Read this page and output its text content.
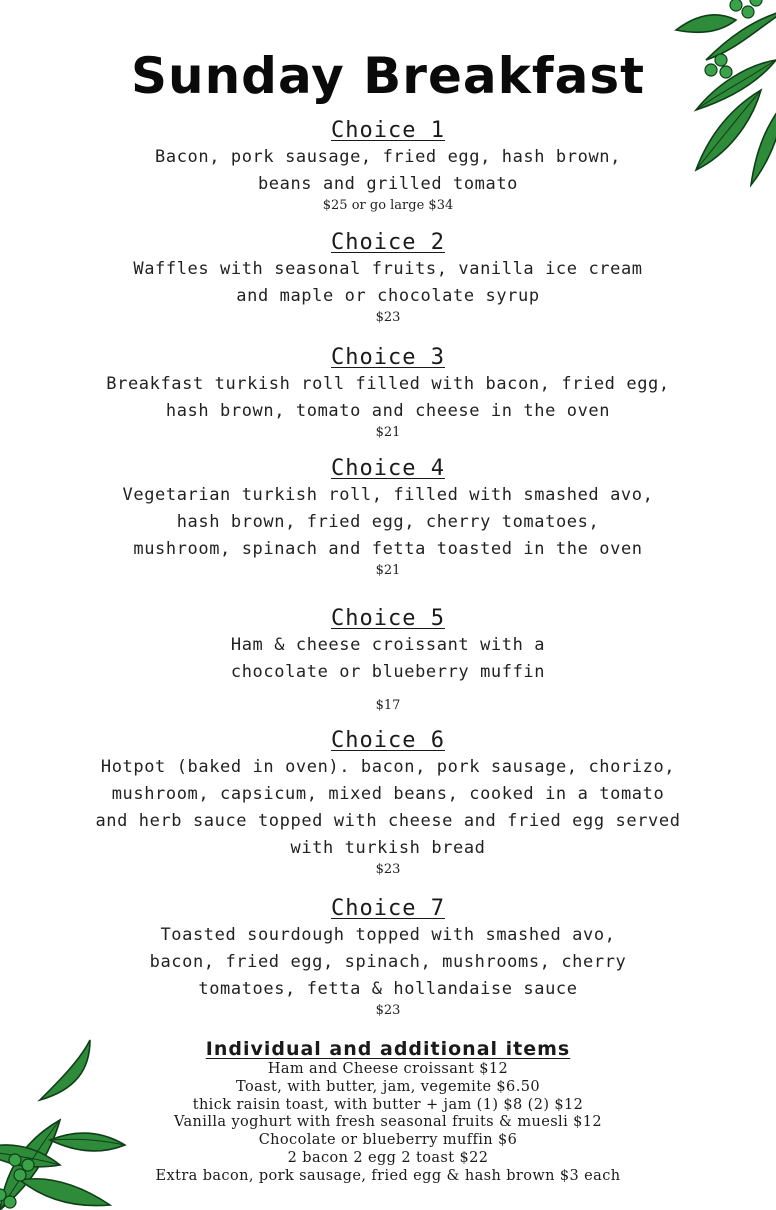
Sunday Breakfast
Choice 1
Bacon, pork sausage, fried egg, hash brown,
beans and grilled tomato
$25 or go large $34
Choice 2
Waffles with seasonal fruits, vanilla ice cream
and maple or chocolate syrup
$23
Choice 3
Breakfast turkish roll filled with bacon, fried egg,
hash brown, tomato and cheese in the oven
$21
Choice 4
Vegetarian turkish roll, filled with smashed avo,
hash brown, fried egg, cherry tomatoes,
mushroom, spinach and fetta toasted in the oven
$21
Choice 5
Ham & cheese croissant with a
chocolate or blueberry muffin
$17
Choice 6
Hotpot (baked in oven). bacon, pork sausage, chorizo,
mushroom, capsicum, mixed beans, cooked in a tomato
and herb sauce topped with cheese and fried egg served
with turkish bread
$23
Choice 7
Toasted sourdough topped with smashed avo,
bacon, fried egg, spinach, mushrooms, cherry
tomatoes, fetta & hollandaise sauce
$23
Individual and additional items
Ham and Cheese croissant $12
Toast, with butter, jam, vegemite $6.50
thick raisin toast, with butter + jam (1) $8 (2) $12
Vanilla yoghurt with fresh seasonal fruits & muesli $12
Chocolate or blueberry muffin $6
2 bacon 2 egg 2 toast $22
Extra bacon, pork sausage, fried egg & hash brown $3 each
